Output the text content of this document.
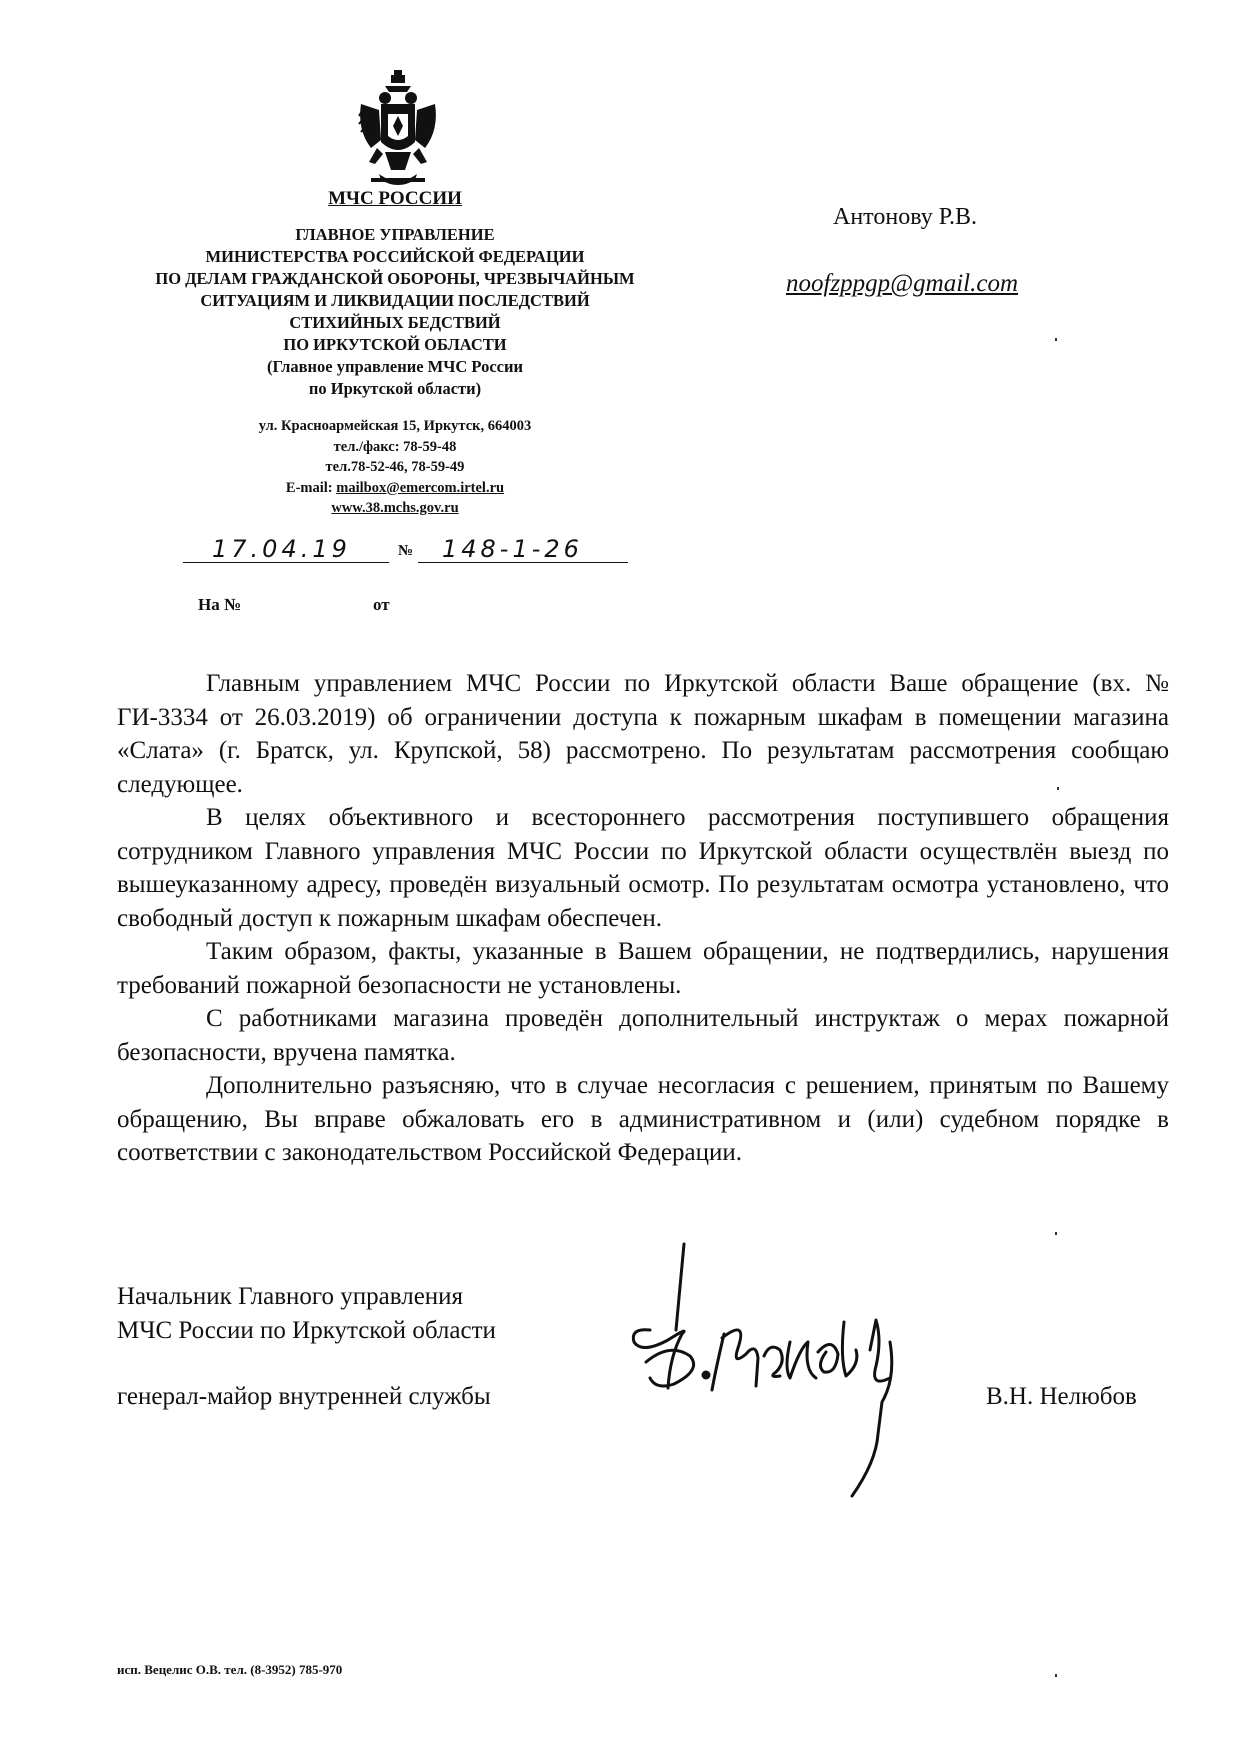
МЧС РОССИИ
ГЛАВНОЕ УПРАВЛЕНИЕ
МИНИСТЕРСТВА РОССИЙСКОЙ ФЕДЕРАЦИИ
ПО ДЕЛАМ ГРАЖДАНСКОЙ ОБОРОНЫ, ЧРЕЗВЫЧАЙНЫМ
СИТУАЦИЯМ И ЛИКВИДАЦИИ ПОСЛЕДСТВИЙ
СТИХИЙНЫХ БЕДСТВИЙ
ПО ИРКУТСКОЙ ОБЛАСТИ
(Главное управление МЧС России
по Иркутской области)
ул. Красноармейская 15, Иркутск, 664003
тел./факс: 78-59-48
тел.78-52-46, 78-59-49
E-mail: mailbox@emercom.irtel.ru
www.38.mchs.gov.ru
17.04.19	№ 148-1-26
На №	от
Антонову Р.В.
noofzppgp@gmail.com

Главным управлением МЧС России по Иркутской области Ваше обращение (вх. № ГИ-3334 от 26.03.2019) об ограничении доступа к пожарным шкафам в помещении магазина «Слата» (г. Братск, ул. Крупской, 58) рассмотрено. По результатам рассмотрения сообщаю следующее.

В целях объективного и всестороннего рассмотрения поступившего обращения сотрудником Главного управления МЧС России по Иркутской области осуществлён выезд по вышеуказанному адресу, проведён визуальный осмотр. По результатам осмотра установлено, что свободный доступ к пожарным шкафам обеспечен.

Таким образом, факты, указанные в Вашем обращении, не подтвердились, нарушения требований пожарной безопасности не установлены.

С работниками магазина проведён дополнительный инструктаж о мерах пожарной безопасности, вручена памятка.

Дополнительно разъясняю, что в случае несогласия с решением, принятым по Вашему обращению, Вы вправе обжаловать его в административном и (или) судебном порядке в соответствии с законодательством Российской Федерации.

Начальник Главного управления
МЧС России по Иркутской области
генерал-майор внутренней службы	В.Н. Нелюбов
исп. Вецелис О.В. тел. (8-3952) 785-970
